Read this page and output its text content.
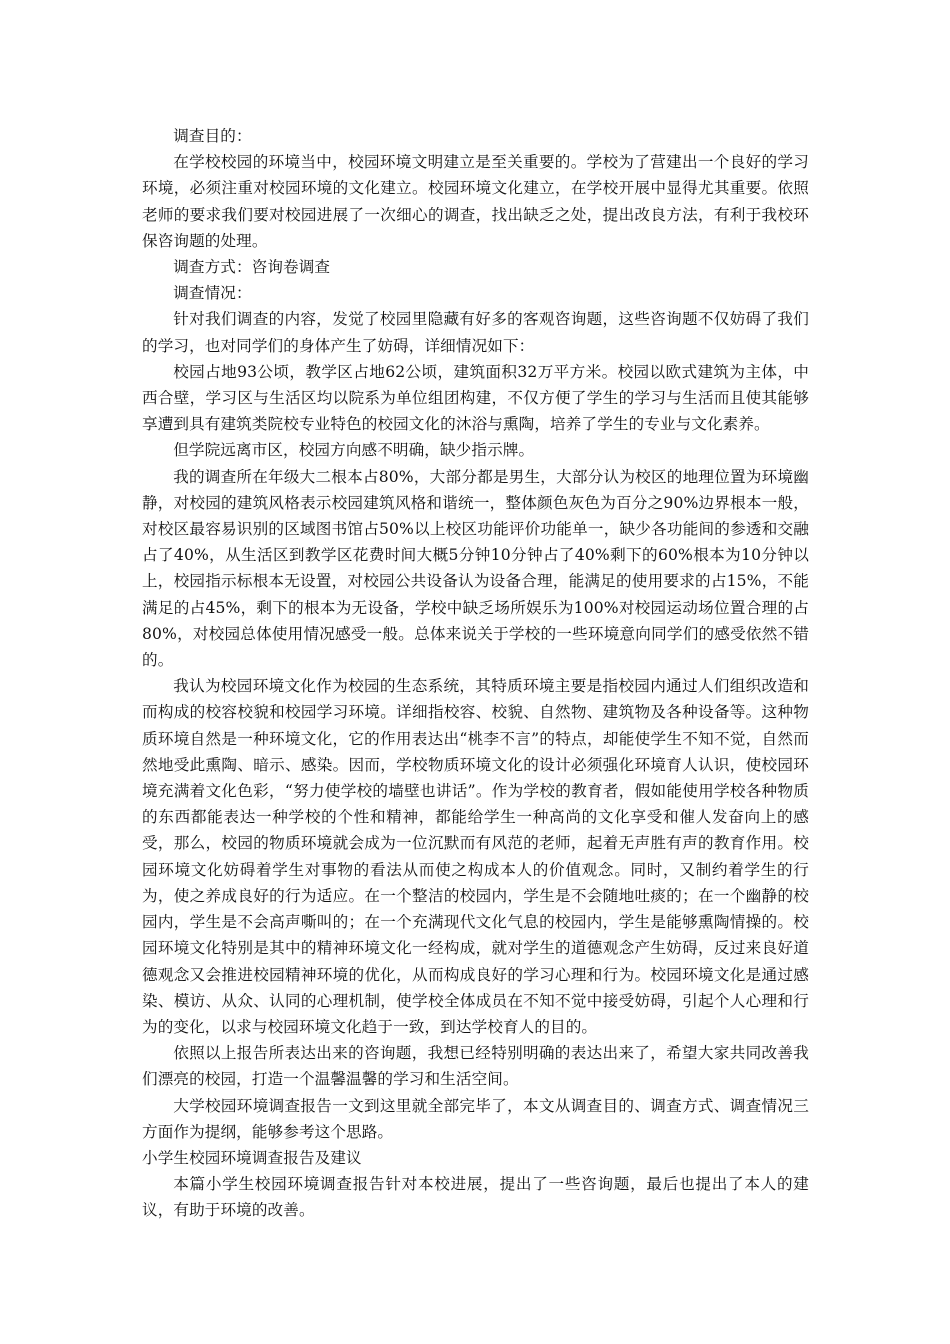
调查目的：

在学校校园的环境当中，校园环境文明建立是至关重要的。学校为了营建出一个良好的学习环境，必须注重对校园环境的文化建立。校园环境文化建立，在学校开展中显得尤其重要。依照老师的要求我们要对校园进展了一次细心的调查，找出缺乏之处，提出改良方法，有利于我校环保咨询题的处理。

调查方式：咨询卷调查

调查情况：

针对我们调查的内容，发觉了校园里隐藏有好多的客观咨询题，这些咨询题不仅妨碍了我们的学习，也对同学们的身体产生了妨碍，详细情况如下：

校园占地93公顷，教学区占地62公顷，建筑面积32万平方米。校园以欧式建筑为主体，中西合壁，学习区与生活区均以院系为单位组团构建，不仅方便了学生的学习与生活而且使其能够享遭到具有建筑类院校专业特色的校园文化的沐浴与熏陶，培养了学生的专业与文化素养。

但学院远离市区，校园方向感不明确，缺少指示牌。

我的调查所在年级大二根本占80%，大部分都是男生，大部分认为校区的地理位置为环境幽静，对校园的建筑风格表示校园建筑风格和谐统一，整体颜色灰色为百分之90%边界根本一般，对校区最容易识别的区域图书馆占50%以上校区功能评价功能单一，缺少各功能间的参透和交融占了40%，从生活区到教学区花费时间大概5分钟10分钟占了40%剩下的60%根本为10分钟以上，校园指示标根本无设置，对校园公共设备认为设备合理，能满足的使用要求的占15%，不能满足的占45%，剩下的根本为无设备，学校中缺乏场所娱乐为100%对校园运动场位置合理的占80%，对校园总体使用情况感受一般。总体来说关于学校的一些环境意向同学们的感受依然不错的。

我认为校园环境文化作为校园的生态系统，其特质环境主要是指校园内通过人们组织改造和而构成的校容校貌和校园学习环境。详细指校容、校貌、自然物、建筑物及各种设备等。这种物质环境自然是一种环境文化，它的作用表达出“桃李不言”的特点，却能使学生不知不觉，自然而然地受此熏陶、暗示、感染。因而，学校物质环境文化的设计必须强化环境育人认识，使校园环境充满着文化色彩，“努力使学校的墙壁也讲话”。作为学校的教育者，假如能使用学校各种物质的东西都能表达一种学校的个性和精神，都能给学生一种高尚的文化享受和催人发奋向上的感受，那么，校园的物质环境就会成为一位沉默而有风范的老师，起着无声胜有声的教育作用。校园环境文化妨碍着学生对事物的看法从而使之构成本人的价值观念。同时，又制约着学生的行为，使之养成良好的行为适应。在一个整洁的校园内，学生是不会随地吐痰的；在一个幽静的校园内，学生是不会高声嘶叫的；在一个充满现代文化气息的校园内，学生是能够熏陶情操的。校园环境文化特别是其中的精神环境文化一经构成，就对学生的道德观念产生妨碍，反过来良好道德观念又会推进校园精神环境的优化，从而构成良好的学习心理和行为。校园环境文化是通过感染、模访、从众、认同的心理机制，使学校全体成员在不知不觉中接受妨碍，引起个人心理和行为的变化，以求与校园环境文化趋于一致，到达学校育人的目的。

依照以上报告所表达出来的咨询题，我想已经特别明确的表达出来了，希望大家共同改善我们漂亮的校园，打造一个温馨温馨的学习和生活空间。

大学校园环境调查报告一文到这里就全部完毕了，本文从调查目的、调查方式、调查情况三方面作为提纲，能够参考这个思路。

小学生校园环境调查报告及建议

本篇小学生校园环境调查报告针对本校进展，提出了一些咨询题，最后也提出了本人的建议，有助于环境的改善。
